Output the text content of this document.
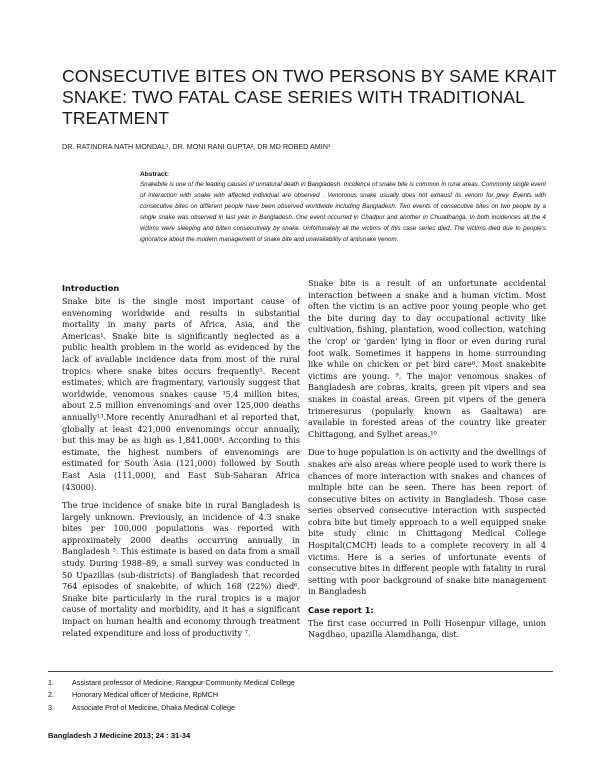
CONSECUTIVE BITES ON TWO PERSONS BY SAME KRAIT SNAKE: TWO FATAL CASE SERIES WITH TRADITIONAL TREATMENT
DR. RATINDRA NATH MONDAL¹, DR. MONI RANI GUPTA², DR MD ROBED AMIN³

Abstract:

Snakebite is one of the leading causes of unnatural death in Bangladesh. Incidence of snake bite is common in rural areas. Commonly single event of interaction with snake with affected individual are observed . Venomous snake usually does not exhaust its venom for prey. Events with consecutive bites on different people have been observed worldwide including Bangladesh. Two events of consecutive bites on two people by a single snake was observed in last year in Bangladesh. One event occurred in Chadpur and another in Chuadhanga. In both incidences all the 4 victims were sleeping and bitten consecutively by snake. Unfortunately all the victims of this case series died. The victims died due to people's ignorance about the modern management of snake bite and unavailability of antisnake venom.

Introduction

Snake bite is the single most important cause of envenoming worldwide and results in substantial mortality in many parts of Africa, Asia, and the Americas¹. Snake bite is significantly neglected as a public health problem in the world as evidenced by the lack of available incidence data from most of the rural tropics where snake bites occurs frequently². Recent estimates, which are fragmentary, variously suggest that worldwide, venomous snakes cause ³5.4 million bites, about 2.5 million envenomings and over 125,000 deaths annually¹³.More recently Anuradhani et al reported that, globally at least 421,000 envenomings occur annually, but this may be as high as 1,841,000⁴. According to this estimate, the highest numbers of envenomings are estimated for South Asia (121,000) followed by South East Asia (111,000), and East Sub-Saharan Africa (43000).

The true incidence of snake bite in rural Bangladesh is largely unknown. Previously, an incidence of 4.3 snake bites per 100,000 populations was reported with approximately 2000 deaths occurring annually in Bangladesh ⁵. This estimate is based on data from a small study. During 1988–89, a small survey was conducted in 50 Upazillas (sub-districts) of Bangladesh that recorded 764 episodes of snakebite, of which 168 (22%) died⁶. Snake bite particularly in the rural tropics is a major cause of mortality and morbidity, and it has a significant impact on human health and economy through treatment related expenditure and loss of productivity ⁷.

Snake bite is a result of an unfortunate accidental interaction between a snake and a human victim. Most often the victim is an active poor young people who get the bite during day to day occupational activity like cultivation, fishing, plantation, wood collection, watching the 'crop' or 'garden' lying in floor or even during rural foot walk. Sometimes it happens in home surrounding like while on chicken or pet bird care⁸. Most snakebite victims are young. ⁹. The major venomous snakes of Bangladesh are cobras, kraits, green pit vipers and sea snakes in coastal areas. Green pit vipers of the genera trimeresurus (popularly known as Gaaltawa) are available in forested areas of the country like greater Chittagong, and Sylhet areas.¹⁰

Due to huge population is on activity and the dwellings of snakes are also areas where people used to work there is chances of more interaction with snakes and chances of multiple bite can be seen. There has been report of consecutive bites on activity in Bangladesh. Those case series observed consecutive interaction with suspected cobra bite but timely approach to a well equipped snake bite study clinic in Chittagong Medical College Hospital(CMCH) leads to a complete recovery in all 4 victims. Here is a series of unfortunate events of consecutive bites in different people with fatality in rural setting with poor background of snake bite management in Bangladesh

Case report 1:

The first case occurred in Polli Hosenpur village, union Nagdhao, upazilla Alamdhanga, dist.

1.	Assistant professor of Medicine, Rangpur Community Medical College
2.	Honorary Medical officer of Medicine, RpMCH
3.	Associate Prof of Medicine, Dhaka Medical College
Bangladesh J Medicine 2013; 24 : 31-34
